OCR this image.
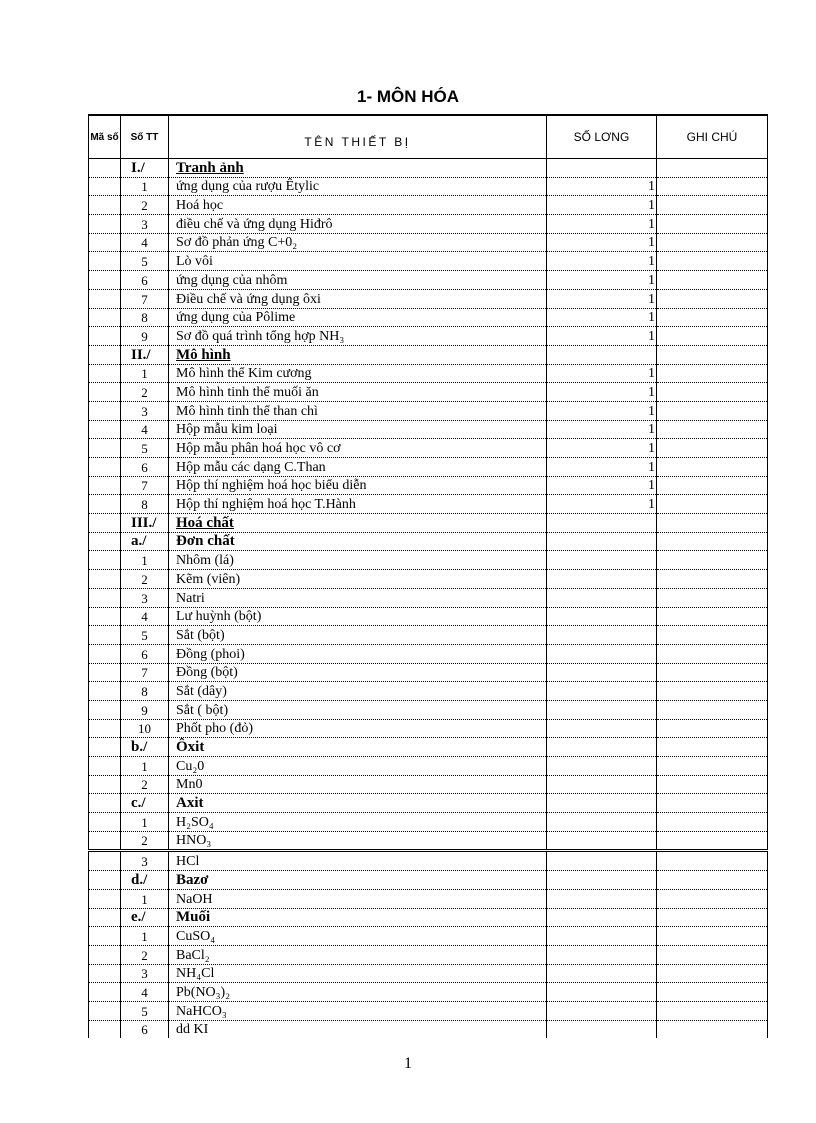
1- MÔN HÓA
Mã số	Số TT	TÊN THIẾT BỊ	SỐ LƠNG	GHI CHÚ
	I./	Tranh ảnh		
	1	ứng dụng của rượu Êtylic	1	
	2	Hoá học	1	
	3	điều chế và ứng dụng Hiđrô	1	
	4	Sơ đồ phản ứng C+0₂	1	
	5	Lò vôi	1	
	6	ứng dụng của nhôm	1	
	7	Điều chế và ứng dụng ôxi	1	
	8	ứng dụng của Pôlime	1	
	9	Sơ đồ quá trình tổng hợp NH₃	1	
	II./	Mô hình		
	1	Mô hình thể Kim cương	1	
	2	Mô hình tinh thể muối ăn	1	
	3	Mô hình tinh thể than chì	1	
	4	Hộp mẫu kim loại	1	
	5	Hộp mẫu phân hoá học vô cơ	1	
	6	Hộp mẫu các dạng C.Than	1	
	7	Hộp thí nghiệm hoá học biểu diễn	1	
	8	Hộp thí nghiệm hoá học T.Hành	1	
	III./	Hoá chất		
	a./	Đơn chất		
	1	Nhôm (lá)		
	2	Kẽm (viên)		
	3	Natri		
	4	Lư huỳnh (bột)		
	5	Sắt (bột)		
	6	Đồng (phoi)		
	7	Đồng (bột)		
	8	Sắt (dây)		
	9	Sắt ( bột)		
	10	Phốt pho (đỏ)		
	b./	Ôxit		
	1	Cu₂0		
	2	Mn0		
	c./	Axit		
	1	H₂SO₄		
	2	HNO₃		
	3	HCl		
	d./	Bazơ		
	1	NaOH		
	e./	Muối		
	1	CuSO₄		
	2	BaCl₂		
	3	NH₄Cl		
	4	Pb(NO₃)₂		
	5	NaHCO₃		
	6	dd KI		
1
